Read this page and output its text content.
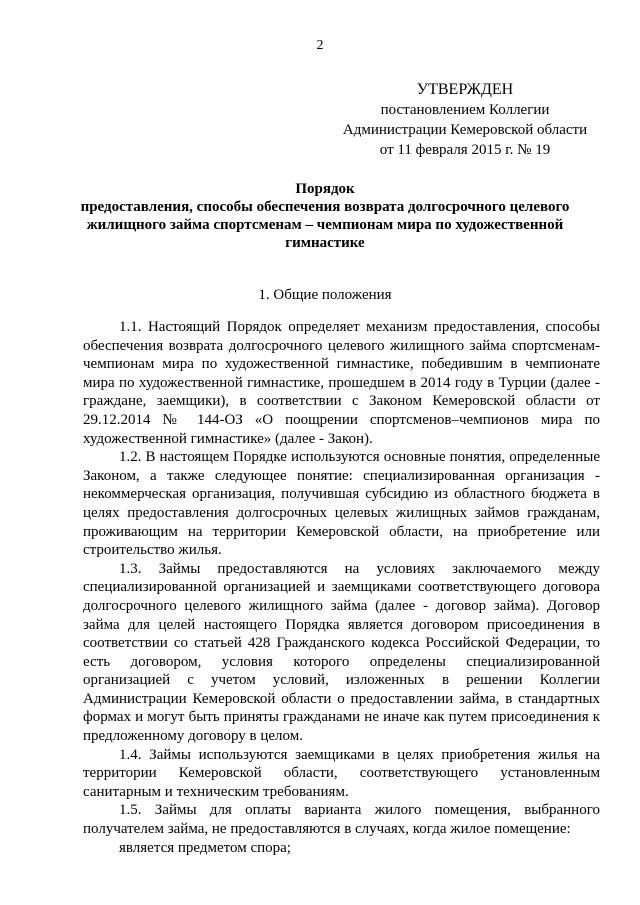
2
УТВЕРЖДЕН
постановлением Коллегии
Администрации Кемеровской области
от 11 февраля 2015 г. № 19
Порядок
предоставления, способы обеспечения возврата долгосрочного целевого жилищного займа спортсменам – чемпионам мира по художественной гимнастике
1. Общие положения

1.1. Настоящий Порядок определяет механизм предоставления, способы обеспечения возврата долгосрочного целевого жилищного займа спортсменам-чемпионам мира по художественной гимнастике, победившим в чемпионате мира по художественной гимнастике, прошедшем в 2014 году в Турции (далее - граждане, заемщики), в соответствии с Законом Кемеровской области от 29.12.2014 № 144-ОЗ «О поощрении спортсменов–чемпионов мира по художественной гимнастике» (далее - Закон).

1.2. В настоящем Порядке используются основные понятия, определенные Законом, а также следующее понятие: специализированная организация - некоммерческая организация, получившая субсидию из областного бюджета в целях предоставления долгосрочных целевых жилищных займов гражданам, проживающим на территории Кемеровской области, на приобретение или строительство жилья.

1.3. Займы предоставляются на условиях заключаемого между специализированной организацией и заемщиками соответствующего договора долгосрочного целевого жилищного займа (далее - договор займа). Договор займа для целей настоящего Порядка является договором присоединения в соответствии со статьей 428 Гражданского кодекса Российской Федерации, то есть договором, условия которого определены специализированной организацией с учетом условий, изложенных в решении Коллегии Администрации Кемеровской области о предоставлении займа, в стандартных формах и могут быть приняты гражданами не иначе как путем присоединения к предложенному договору в целом.

1.4. Займы используются заемщиками в целях приобретения жилья на территории Кемеровской области, соответствующего установленным санитарным и техническим требованиям.

1.5. Займы для оплаты варианта жилого помещения, выбранного получателем займа, не предоставляются в случаях, когда жилое помещение:

является предметом спора;
